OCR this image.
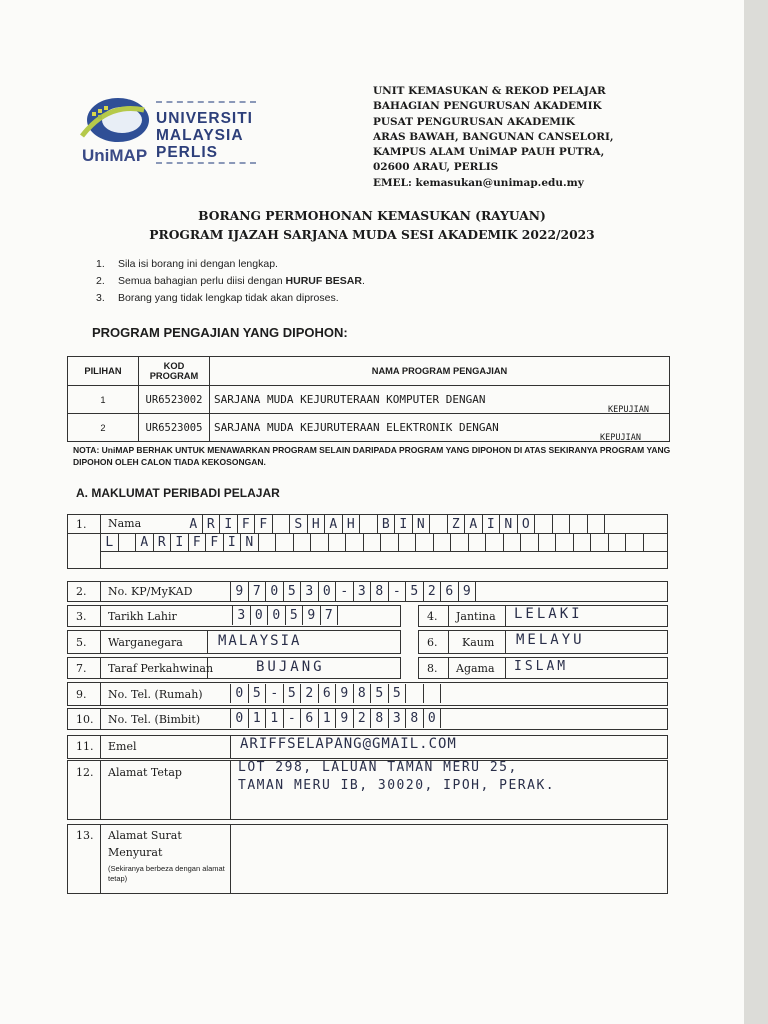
UNIVERSITI
MALAYSIA
PERLIS
UniMAP
UNIT KEMASUKAN & REKOD PELAJAR
BAHAGIAN PENGURUSAN AKADEMIK
PUSAT PENGURUSAN AKADEMIK
ARAS BAWAH, BANGUNAN CANSELORI,
KAMPUS ALAM UniMAP PAUH PUTRA,
02600 ARAU, PERLIS
EMEL: kemasukan@unimap.edu.my
BORANG PERMOHONAN KEMASUKAN (RAYUAN)
PROGRAM IJAZAH SARJANA MUDA SESI AKADEMIK 2022/2023
1. Sila isi borang ini dengan lengkap.
2. Semua bahagian perlu diisi dengan HURUF BESAR.
3. Borang yang tidak lengkap tidak akan diproses.
PROGRAM PENGAJIAN YANG DIPOHON:
PILIHAN	KOD PROGRAM	NAMA PROGRAM PENGAJIAN
1	UR6523002	SARJANA MUDA KEJURUTERAAN KOMPUTER DENGAN
KEPUJIAN

2	UR6523005	SARJANA MUDA KEJURUTERAAN ELEKTRONIK DENGAN
KEPUJIAN
NOTA: UniMAP BERHAK UNTUK MENAWARKAN PROGRAM SELAIN DARIPADA PROGRAM YANG DIPOHON DI ATAS SEKIRANYA PROGRAM YANG DIPOHON OLEH CALON TIADA KEKOSONGAN.
A. MAKLUMAT PERIBADI PELAJAR
1. Nama	A R I F F	S H A H	B I N	Z A I N O
L	A R I F F I N
2. No. KP/MyKAD	9 7 0 5 3 0 - 3 8 - 5 2 6 9
3. Tarikh Lahir	3 0 0 5 9 7	4. Jantina LELAKI
5. Warganegara	MALAYSIA	6. Kaum MELAYU
7. Taraf Perkahwinan	BUJANG	8. Agama ISLAM
9. No. Tel. (Rumah)	0 5 - 5 2 6 9 8 5 5
10. No. Tel. (Bimbit)	0 1 1 - 6 1 9 2 8 3 8 0
11. Emel	ARIFFSELAPANG@GMAIL.COM
12. Alamat Tetap	LOT 298, LALUAN TAMAN MERU 25,
TAMAN MERU IB, 30020, IPOH, PERAK.
13. Alamat Surat
Menyurat
(Sekiranya berbeza dengan alamat tetap)
